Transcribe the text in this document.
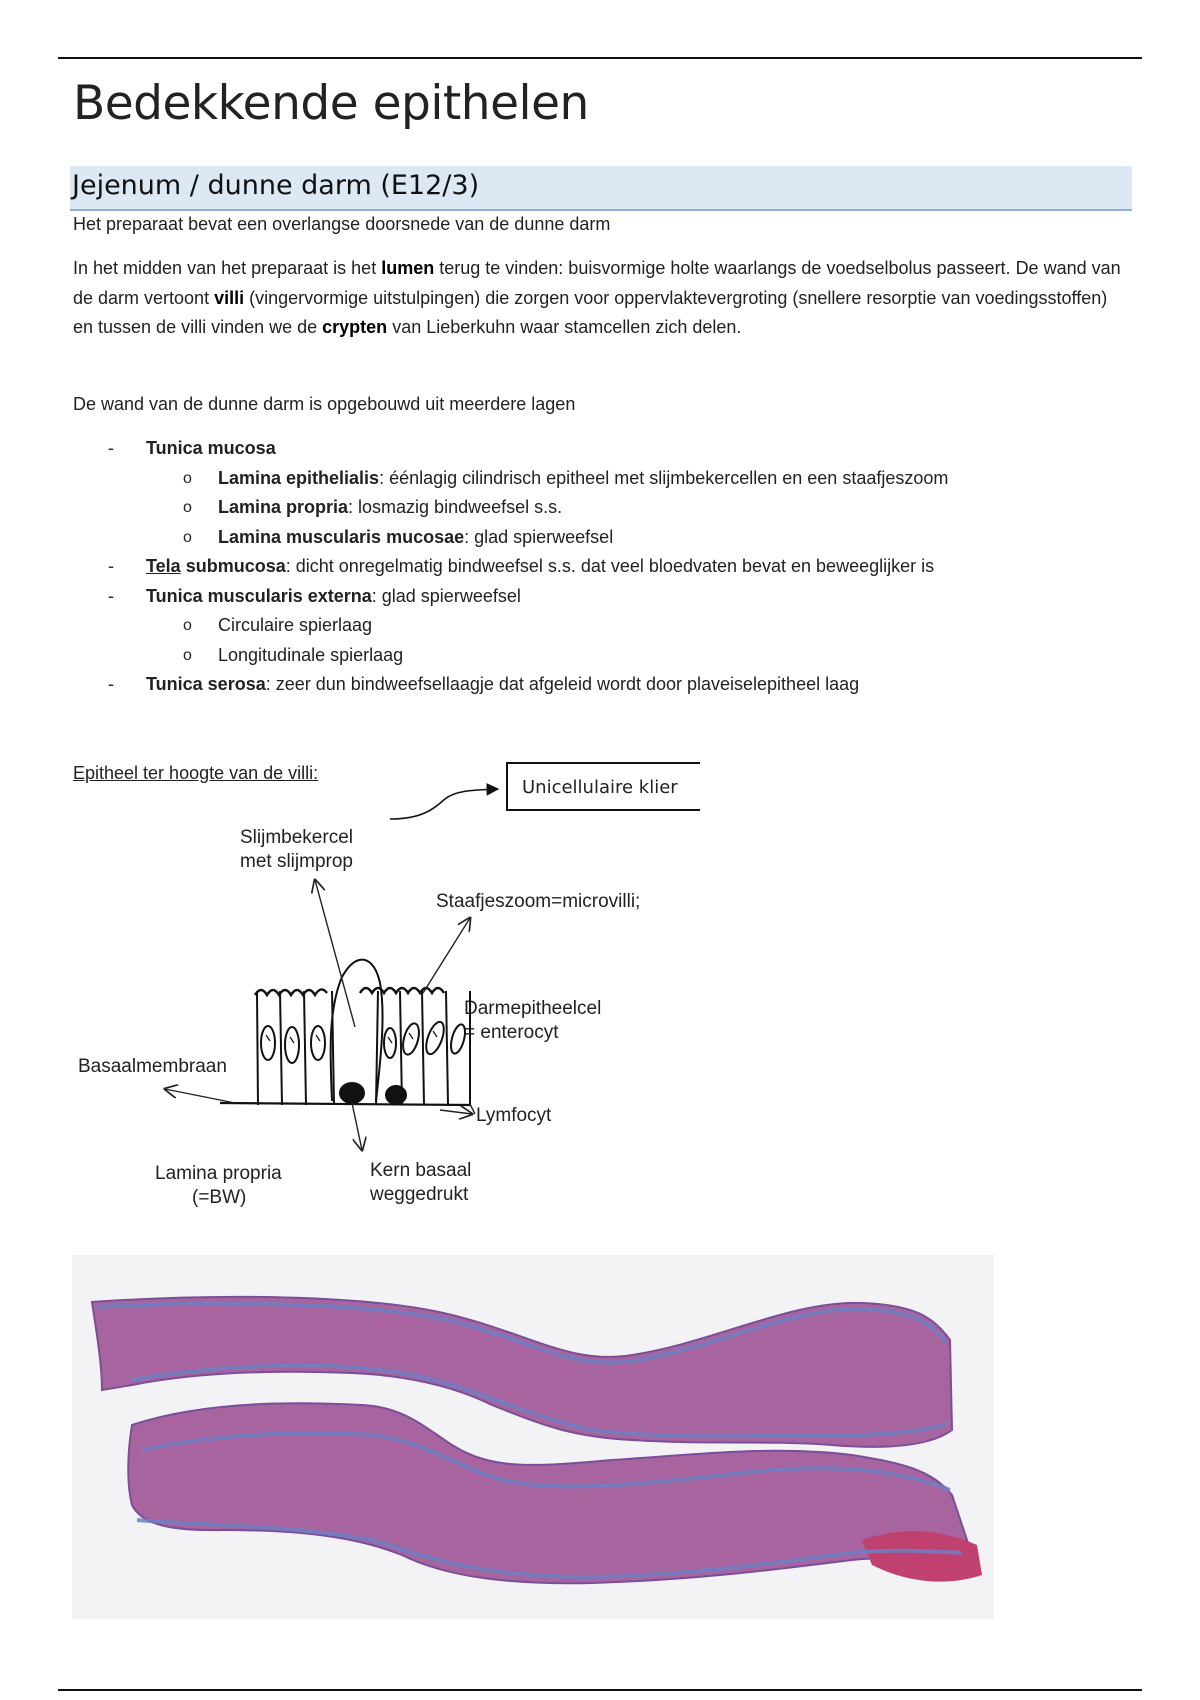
Bedekkende epithelen
Jejenum / dunne darm (E12/3)

Het preparaat bevat een overlangse doorsnede van de dunne darm

In het midden van het preparaat is het lumen terug te vinden: buisvormige holte waarlangs de voedselbolus passeert. De wand van de darm vertoont villi (vingervormige uitstulpingen) die zorgen voor oppervlaktevergroting (snellere resorptie van voedingsstoffen) en tussen de villi vinden we de crypten van Lieberkuhn waar stamcellen zich delen.

De wand van de dunne darm is opgebouwd uit meerdere lagen

- Tunica mucosa
o Lamina epithelialis: éénlagig cilindrisch epitheel met slijmbekercellen en een staafjeszoom
o Lamina propria: losmazig bindweefsel s.s.
o Lamina muscularis mucosae: glad spierweefsel
- Tela submucosa: dicht onregelmatig bindweefsel s.s. dat veel bloedvaten bevat en beweeglijker is
- Tunica muscularis externa: glad spierweefsel
o Circulaire spierlaag
o Longitudinale spierlaag
- Tunica serosa: zeer dun bindweefsellaagje dat afgeleid wordt door plaveiselepitheel laag

Epitheel ter hoogte van de villi:

Unicellulaire klier
Slijmbekercel
met slijmprop
Staafjeszoom=microvilli;
Darmepitheelcel
= enterocyt
Basaalmembraan
Lymfocyt
Lamina propria
(=BW)
Kern basaal
weggedrukt
